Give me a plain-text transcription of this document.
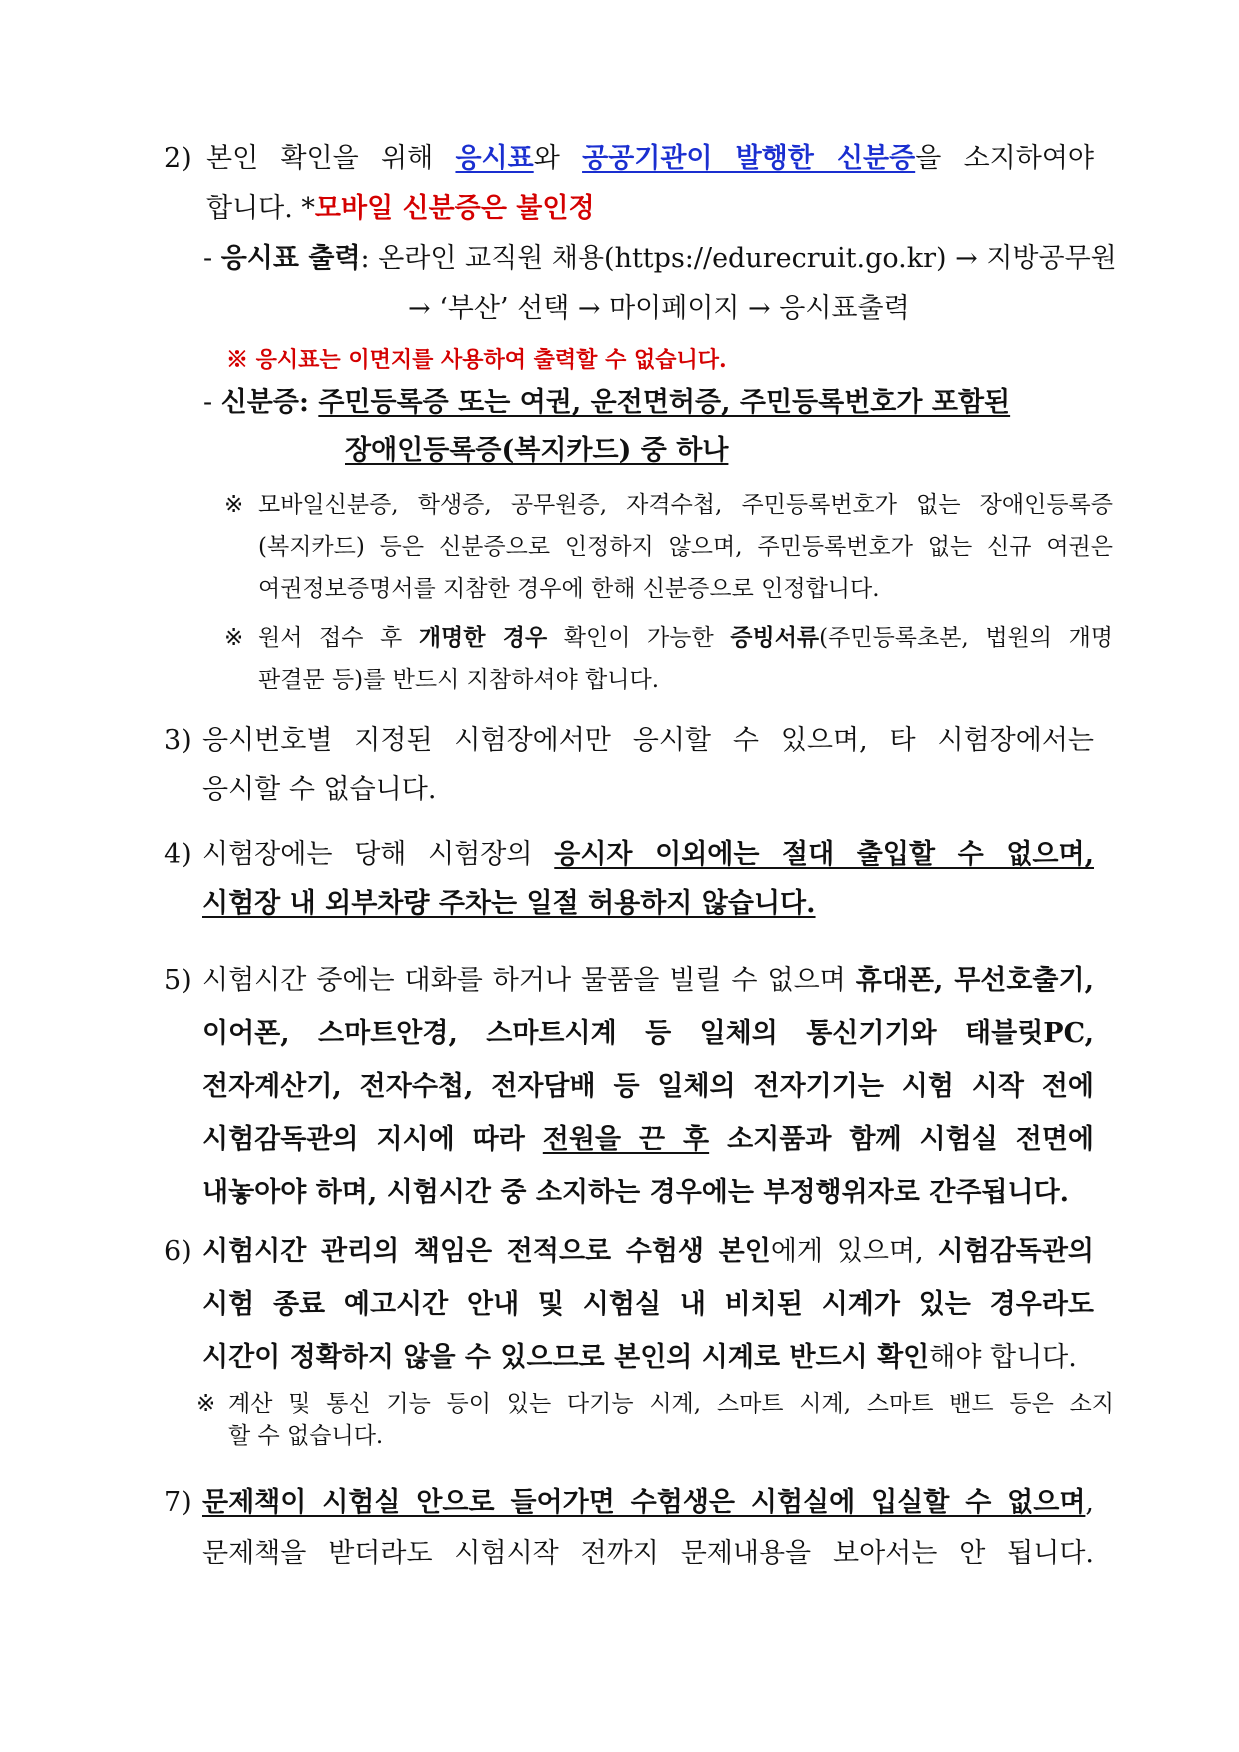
2) 본인 확인을 위해 응시표와 공공기관이 발행한 신분증을 소지하여야
합니다. *모바일 신분증은 불인정
- 응시표 출력: 온라인 교직원 채용(https://edurecruit.go.kr) → 지방공무원
→ ‘부산’ 선택 → 마이페이지 → 응시표출력
※ 응시표는 이면지를 사용하여 출력할 수 없습니다.
- 신분증: 주민등록증 또는 여권, 운전면허증, 주민등록번호가 포함된
장애인등록증(복지카드) 중 하나
※ 모바일신분증, 학생증, 공무원증, 자격수첩, 주민등록번호가 없는 장애인등록증
(복지카드) 등은 신분증으로 인정하지 않으며, 주민등록번호가 없는 신규 여권은
여권정보증명서를 지참한 경우에 한해 신분증으로 인정합니다.
※ 원서 접수 후 개명한 경우 확인이 가능한 증빙서류(주민등록초본, 법원의 개명
판결문 등)를 반드시 지참하셔야 합니다.
3) 응시번호별 지정된 시험장에서만 응시할 수 있으며, 타 시험장에서는
응시할 수 없습니다.
4) 시험장에는 당해 시험장의 응시자 이외에는 절대 출입할 수 없으며,
시험장 내 외부차량 주차는 일절 허용하지 않습니다.
5) 시험시간 중에는 대화를 하거나 물품을 빌릴 수 없으며 휴대폰, 무선호출기,
이어폰, 스마트안경, 스마트시계 등 일체의 통신기기와 태블릿PC,
전자계산기, 전자수첩, 전자담배 등 일체의 전자기기는 시험 시작 전에
시험감독관의 지시에 따라 전원을 끈 후 소지품과 함께 시험실 전면에
내놓아야 하며, 시험시간 중 소지하는 경우에는 부정행위자로 간주됩니다.
6) 시험시간 관리의 책임은 전적으로 수험생 본인에게 있으며, 시험감독관의
시험 종료 예고시간 안내 및 시험실 내 비치된 시계가 있는 경우라도
시간이 정확하지 않을 수 있으므로 본인의 시계로 반드시 확인해야 합니다.
※ 계산 및 통신 기능 등이 있는 다기능 시계, 스마트 시계, 스마트 밴드 등은 소지
할 수 없습니다.
7) 문제책이 시험실 안으로 들어가면 수험생은 시험실에 입실할 수 없으며,
문제책을 받더라도 시험시작 전까지 문제내용을 보아서는 안 됩니다.
